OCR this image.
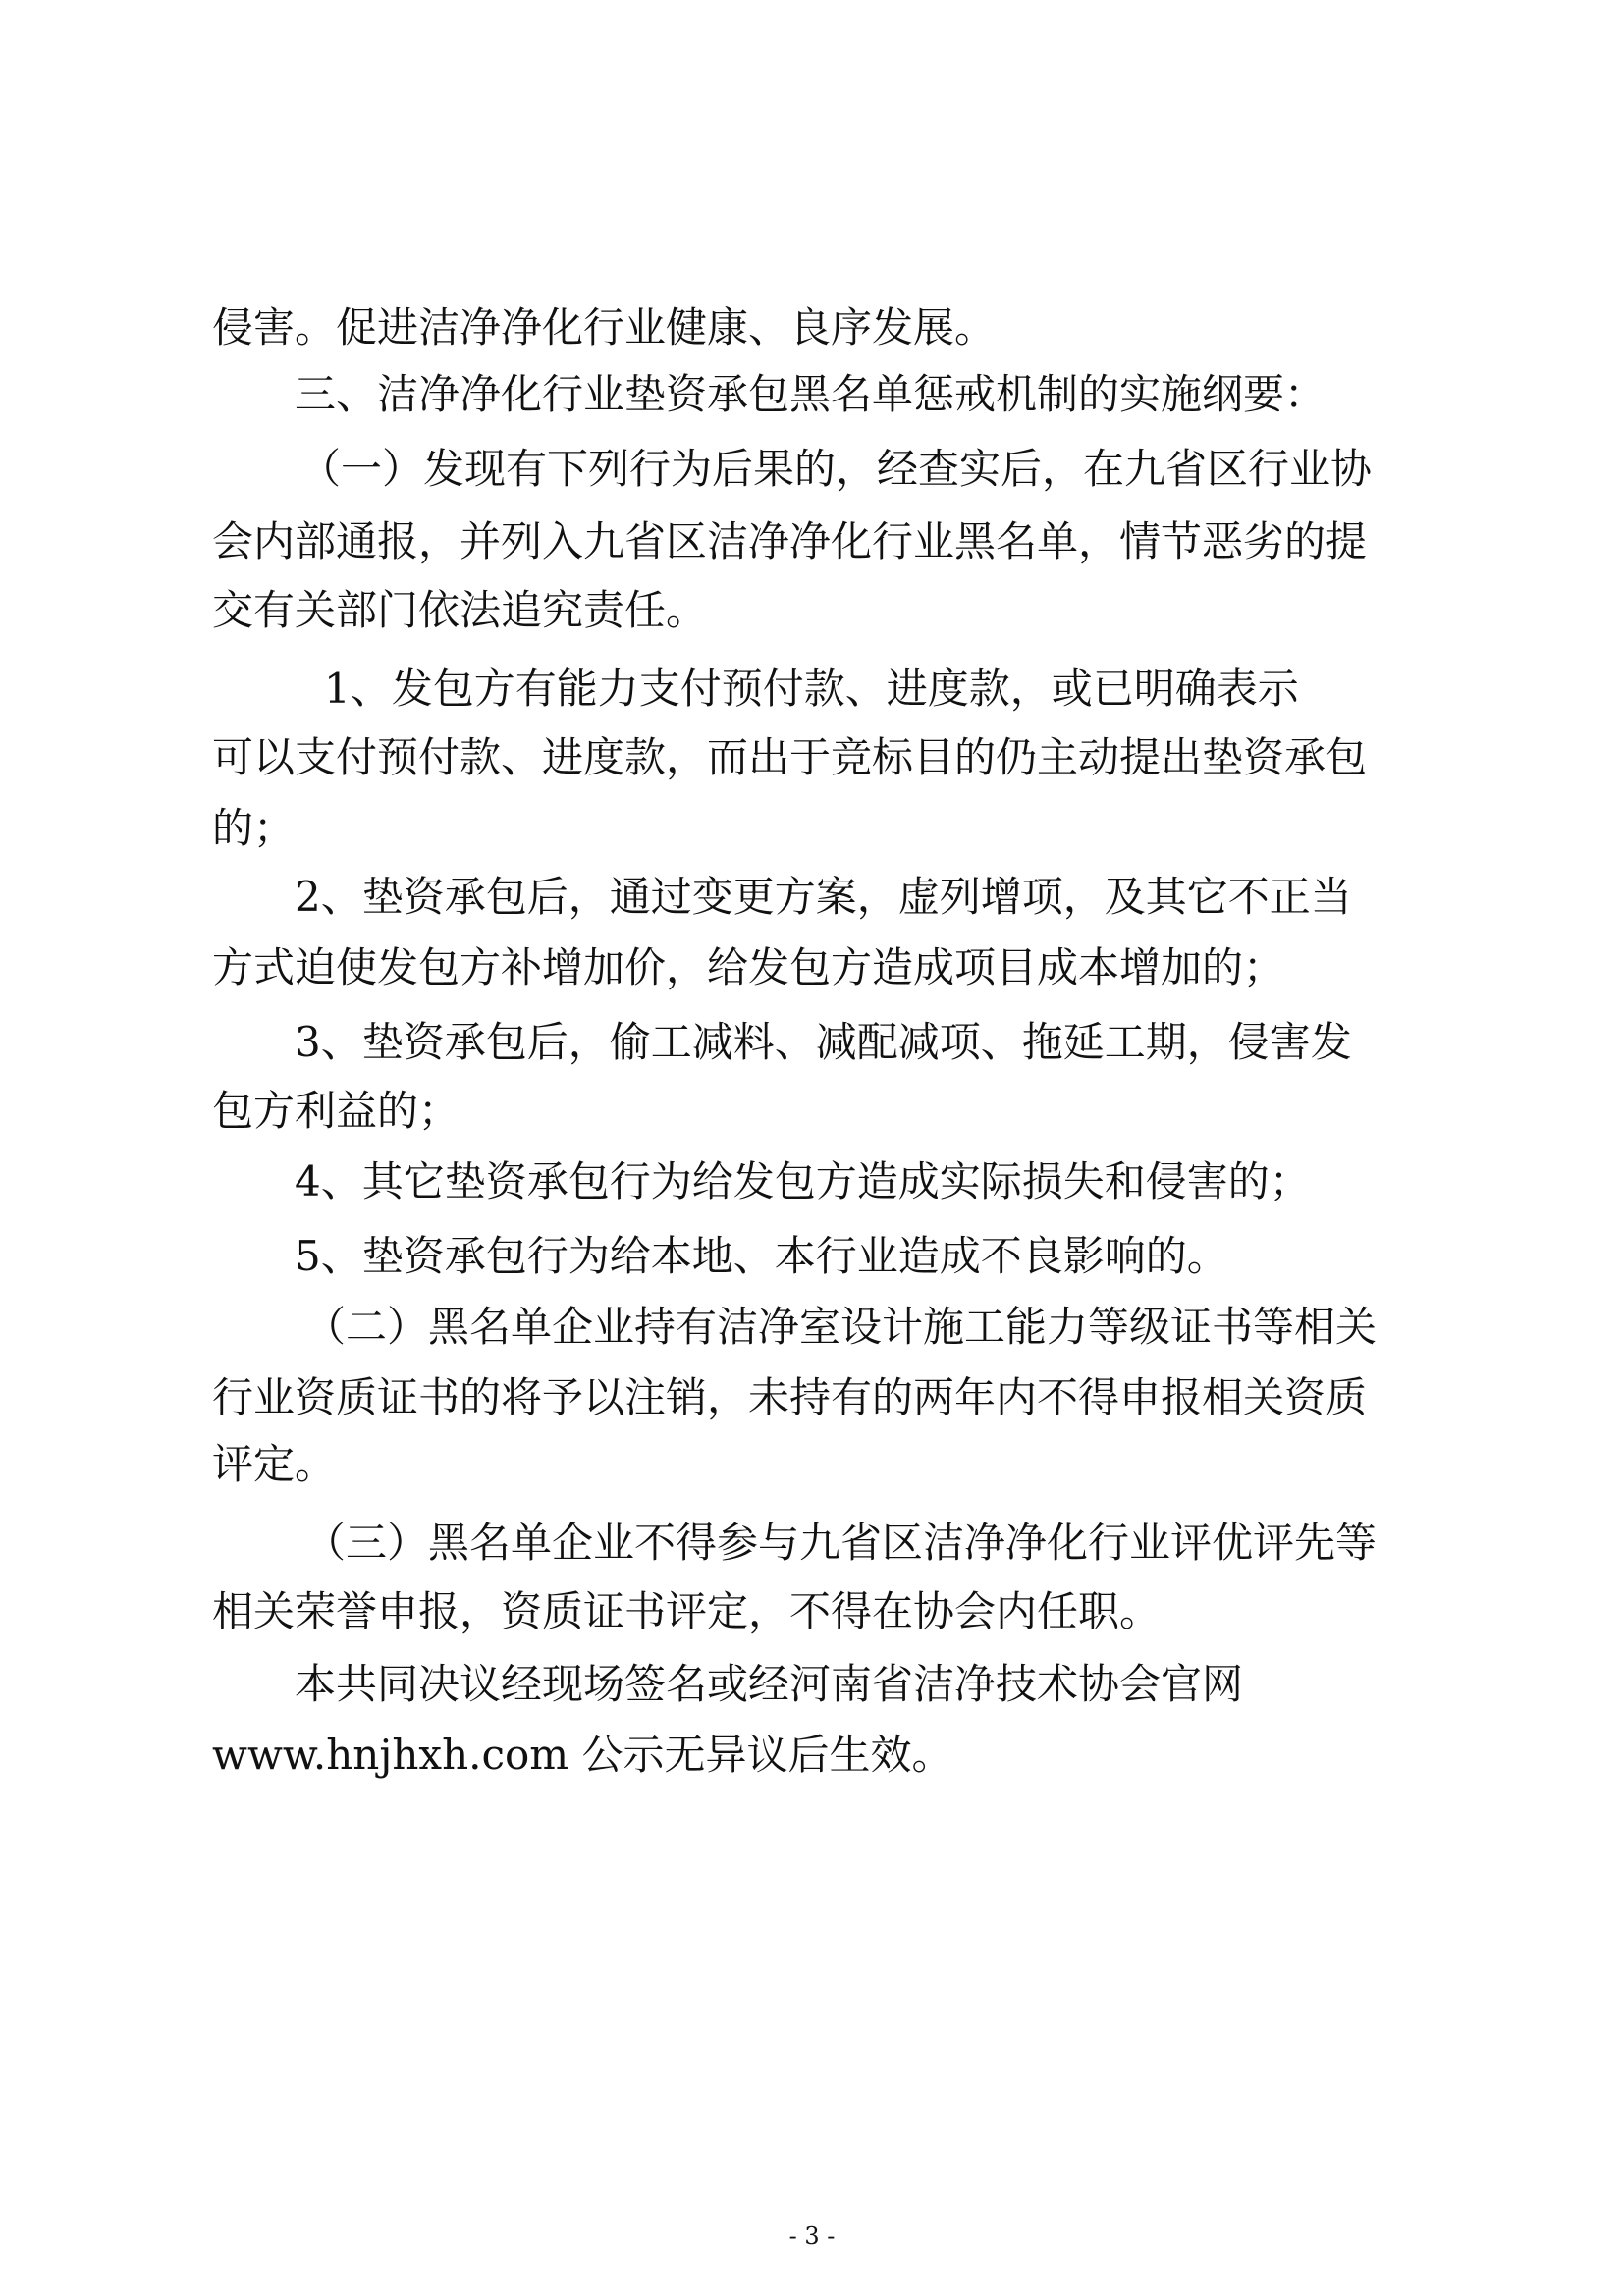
侵害。促进洁净净化行业健康、良序发展。
三、洁净净化行业垫资承包黑名单惩戒机制的实施纲要：
（一）发现有下列行为后果的，经查实后，在九省区行业协
会内部通报，并列入九省区洁净净化行业黑名单，情节恶劣的提
交有关部门依法追究责任。
1、发包方有能力支付预付款、进度款，或已明确表示
可以支付预付款、进度款，而出于竞标目的仍主动提出垫资承包
的；
2、垫资承包后，通过变更方案，虚列增项，及其它不正当
方式迫使发包方补增加价，给发包方造成项目成本增加的；
3、垫资承包后，偷工减料、减配减项、拖延工期，侵害发
包方利益的；
4、其它垫资承包行为给发包方造成实际损失和侵害的；
5、垫资承包行为给本地、本行业造成不良影响的。
（二）黑名单企业持有洁净室设计施工能力等级证书等相关
行业资质证书的将予以注销，未持有的两年内不得申报相关资质
评定。
（三）黑名单企业不得参与九省区洁净净化行业评优评先等
相关荣誉申报，资质证书评定，不得在协会内任职。
本共同决议经现场签名或经河南省洁净技术协会官网
www.hnjhxh.com 公示无异议后生效。
- 3 -
